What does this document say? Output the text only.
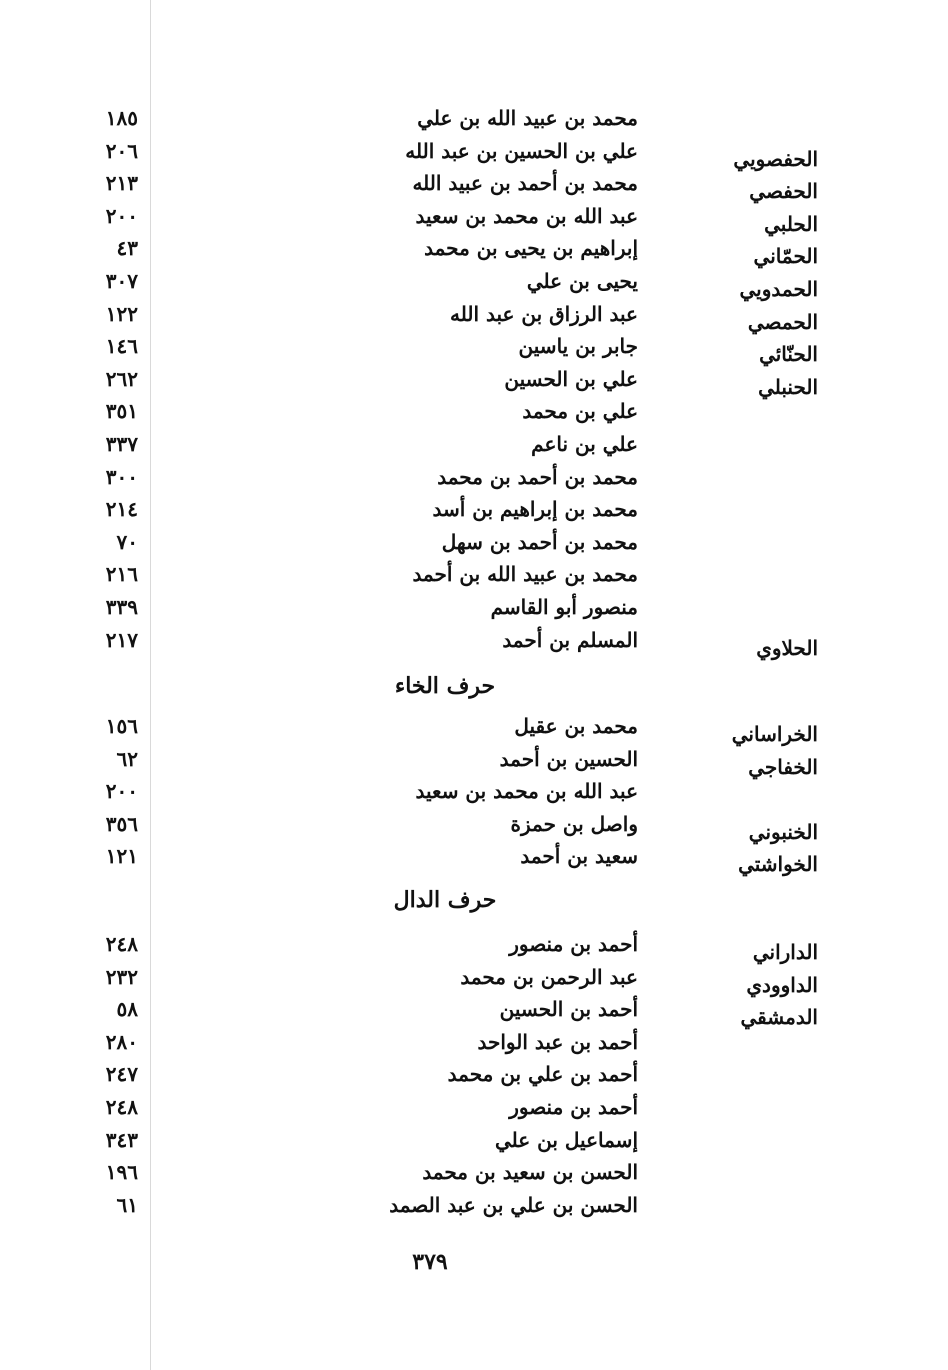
١٨٥	محمد بن عبيد الله بن علي
٢٠٦	علي بن الحسين بن عبد الله	الحفصويي
٢١٣	محمد بن أحمد بن عبيد الله	الحفصي
٢٠٠	عبد الله بن محمد بن سعيد	الحلبي
٤٣	إبراهيم بن يحيى بن محمد	الحمّاني
٣٠٧	يحيى بن علي	الحمدويي
١٢٢	عبد الرزاق بن عبد الله	الحمصي
١٤٦	جابر بن ياسين	الحنّائي
٢٦٢	علي بن الحسين	الحنبلي
٣٥١	علي بن محمد
٣٣٧	علي بن ناعم
٣٠٠	محمد بن أحمد بن محمد
٢١٤	محمد بن إبراهيم بن أسد
٧٠	محمد بن أحمد بن سهل
٢١٦	محمد بن عبيد الله بن أحمد
٣٣٩	منصور أبو القاسم
٢١٧	المسلم بن أحمد	الحلاوي
حرف الخاء
١٥٦	محمد بن عقيل	الخراساني
٦٢	الحسين بن أحمد	الخفاجي
٢٠٠	عبد الله بن محمد بن سعيد
٣٥٦	واصل بن حمزة	الخنبوني
١٢١	سعيد بن أحمد	الخواشتي
حرف الدال
٢٤٨	أحمد بن منصور	الداراني
٢٣٢	عبد الرحمن بن محمد	الداوودي
٥٨	أحمد بن الحسين	الدمشقي
٢٨٠	أحمد بن عبد الواحد
٢٤٧	أحمد بن علي بن محمد
٢٤٨	أحمد بن منصور
٣٤٣	إسماعيل بن علي
١٩٦	الحسن بن سعيد بن محمد
٦١	الحسن بن علي بن عبد الصمد
٣٧٩
